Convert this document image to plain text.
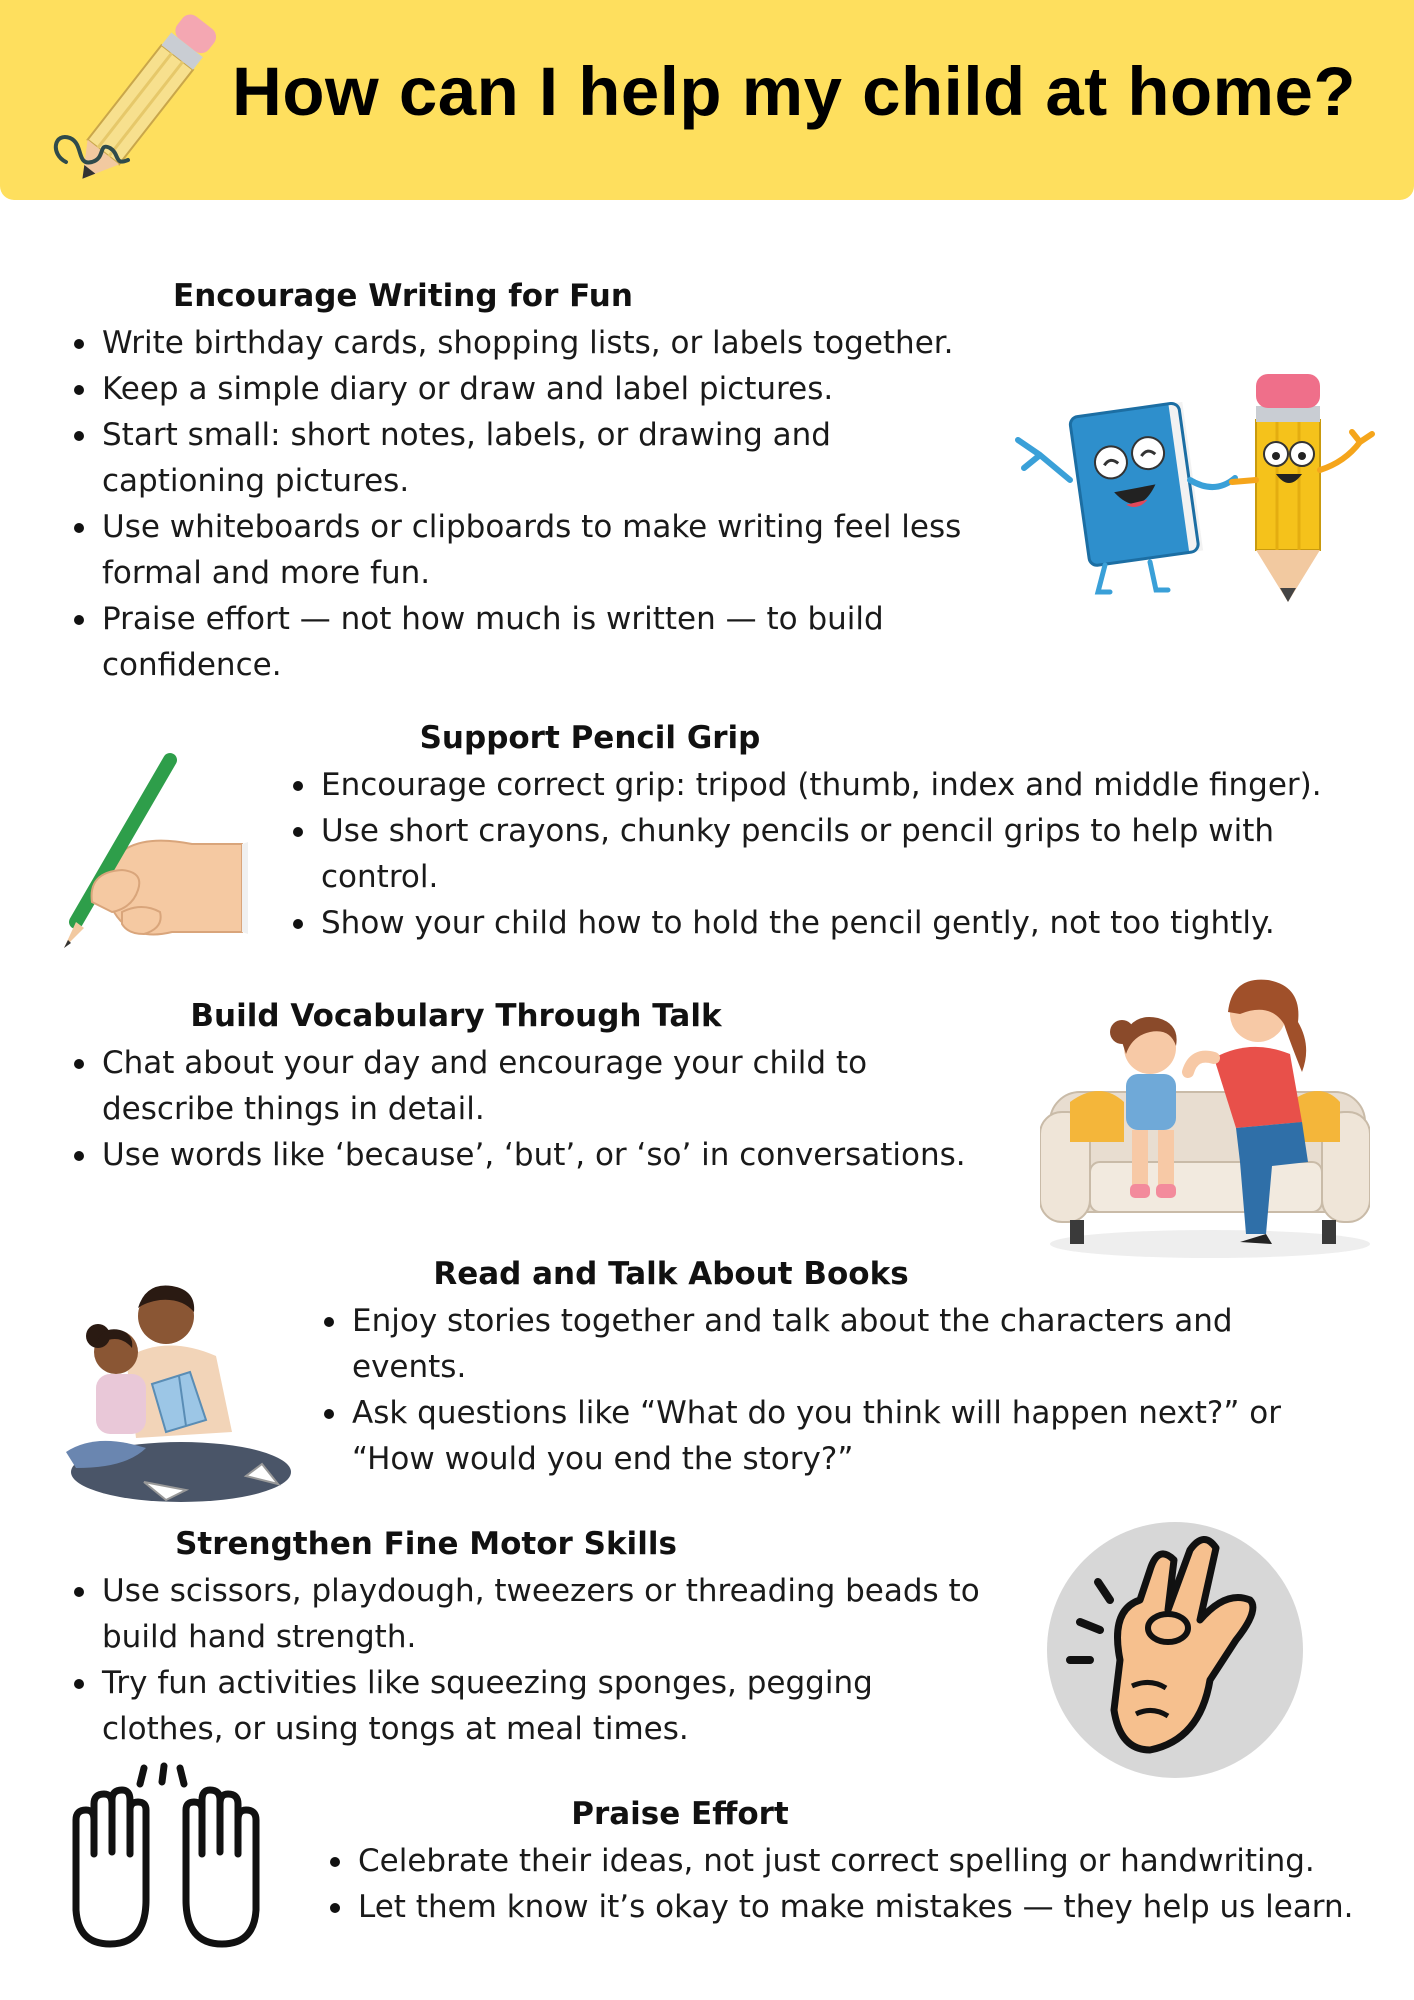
How can I help my child at home?
Encourage Writing for Fun
Write birthday cards, shopping lists, or labels together.
Keep a simple diary or draw and label pictures.
Start small: short notes, labels, or drawing and captioning pictures.
Use whiteboards or clipboards to make writing feel less formal and more fun.
Praise effort — not how much is written — to build confidence.
Support Pencil Grip
Encourage correct grip: tripod (thumb, index and middle finger).
Use short crayons, chunky pencils or pencil grips to help with control.
Show your child how to hold the pencil gently, not too tightly.
Build Vocabulary Through Talk
Chat about your day and encourage your child to describe things in detail.
Use words like ‘because’, ‘but’, or ‘so’ in conversations.
Read and Talk About Books
Enjoy stories together and talk about the characters and events.
Ask questions like “What do you think will happen next?” or “How would you end the story?”
Strengthen Fine Motor Skills
Use scissors, playdough, tweezers or threading beads to build hand strength.
Try fun activities like squeezing sponges, pegging clothes, or using tongs at meal times.
Praise Effort
Celebrate their ideas, not just correct spelling or handwriting.
Let them know it’s okay to make mistakes — they help us learn.
